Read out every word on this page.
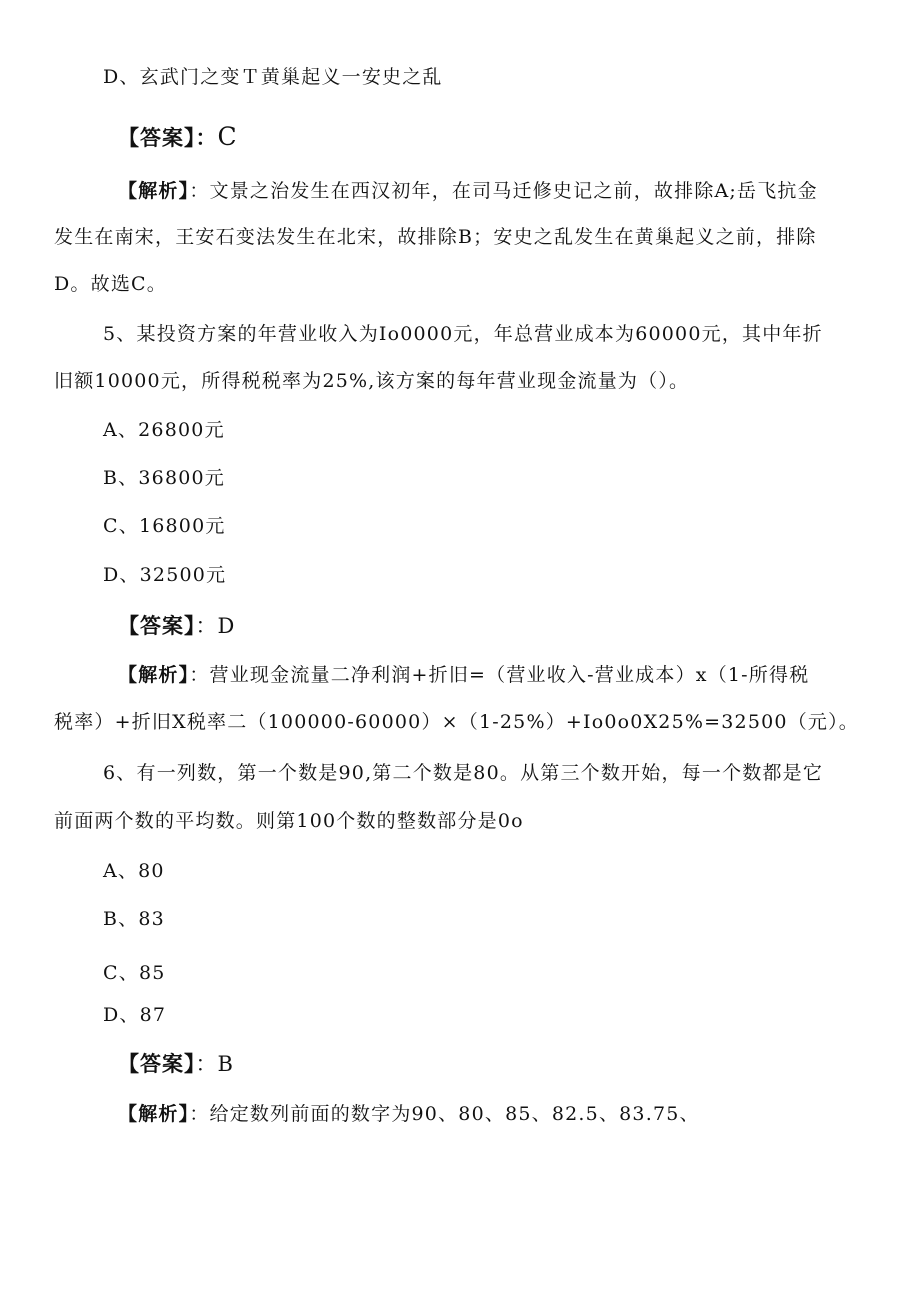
D、玄武门之变Ｔ黄巢起义一安史之乱
【答案】：C
【解析】：文景之治发生在西汉初年，在司马迁修史记之前，故排除A;岳飞抗金
发生在南宋，王安石变法发生在北宋，故排除B；安史之乱发生在黄巢起义之前，排除
D。故选C。
5、某投资方案的年营业收入为Io0000元，年总营业成本为60000元，其中年折
旧额10000元，所得税税率为25%,该方案的每年营业现金流量为（）。
A、26800元
B、36800元
C、16800元
D、32500元
【答案】：D
【解析】：营业现金流量二净利润+折旧=（营业收入-营业成本）x（1-所得税
税率）+折旧X税率二（100000-60000）×（1-25%）+Io0o0X25%=32500（元）。
6、有一列数，第一个数是90,第二个数是80。从第三个数开始，每一个数都是它
前面两个数的平均数。则第100个数的整数部分是0o
A、80
B、83
C、85
D、87
【答案】：B
【解析】：给定数列前面的数字为90、80、85、82.5、83.75、
